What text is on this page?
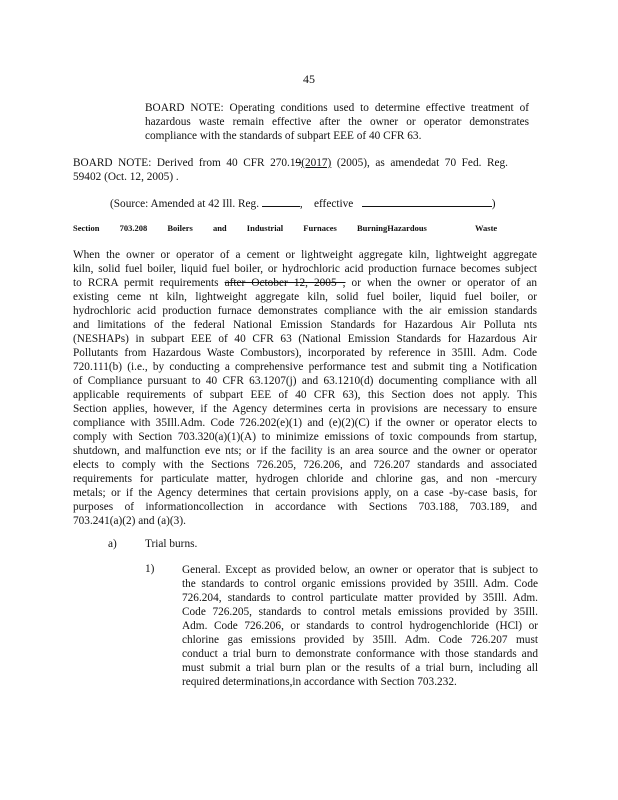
45
BOARD NOTE: Operating conditions used to determine effective treatment of
hazardous waste remain effective after the owner or operator demonstrates
compliance with the standards of subpart EEE of 40 CFR 63.
BOARD NOTE: Derived from 40 CFR 270.19(2017) (2005), as amendedat 70 Fed. Reg.
59402 (Oct. 12, 2005) .
(Source: Amended at 42 Ill. Reg.	, effective	)
Section 703.208 Boilers and Industrial Furnaces BurningHazardous	Waste
When the owner or operator of a cement or lightweight aggregate kiln, lightweight aggregate
kiln, solid fuel boiler, liquid fuel boiler, or hydrochloric acid production furnace becomes subject
to RCRA permit requirements after October 12, 2005 , or when the owner or operator of an
existing ceme nt kiln, lightweight aggregate kiln, solid fuel boiler, liquid fuel boiler, or
hydrochloric acid production furnace demonstrates compliance with the air emission standards
and limitations of the federal National Emission Standards for Hazardous Air Polluta nts
(NESHAPs) in subpart EEE of 40 CFR 63 (National Emission Standards for Hazardous Air
Pollutants from Hazardous Waste Combustors), incorporated by reference in 35Ill. Adm. Code
720.111(b) (i.e., by conducting a comprehensive performance test and submit ting a Notification
of Compliance pursuant to 40 CFR 63.1207(j) and 63.1210(d) documenting compliance with all
applicable requirements of subpart EEE of 40 CFR 63), this Section does not apply. This
Section applies, however, if the Agency determines certa in provisions are necessary to ensure
compliance with 35Ill.Adm. Code 726.202(e)(1) and (e)(2)(C) if the owner or operator elects to
comply with Section 703.320(a)(1)(A) to minimize emissions of toxic compounds from startup,
shutdown, and malfunction eve nts; or if the facility is an area source and the owner or operator
elects to comply with the Sections 726.205, 726.206, and 726.207 standards and associated
requirements for particulate matter, hydrogen chloride and chlorine gas, and non -mercury
metals; or if the Agency determines that certain provisions apply, on a case -by-case basis, for
purposes of informationcollection in accordance with Sections 703.188, 703.189, and
703.241(a)(2) and (a)(3).
a) Trial burns.
1) General. Except as provided below, an owner or operator that is subject to
the standards to control organic emissions provided by 35Ill. Adm. Code
726.204, standards to control particulate matter provided by 35Ill. Adm.
Code 726.205, standards to control metals emissions provided by 35Ill.
Adm. Code 726.206, or standards to control hydrogenchloride (HCl) or
chlorine gas emissions provided by 35Ill. Adm. Code 726.207 must
conduct a trial burn to demonstrate conformance with those standards and
must submit a trial burn plan or the results of a trial burn, including all
required determinations,in accordance with Section 703.232.
